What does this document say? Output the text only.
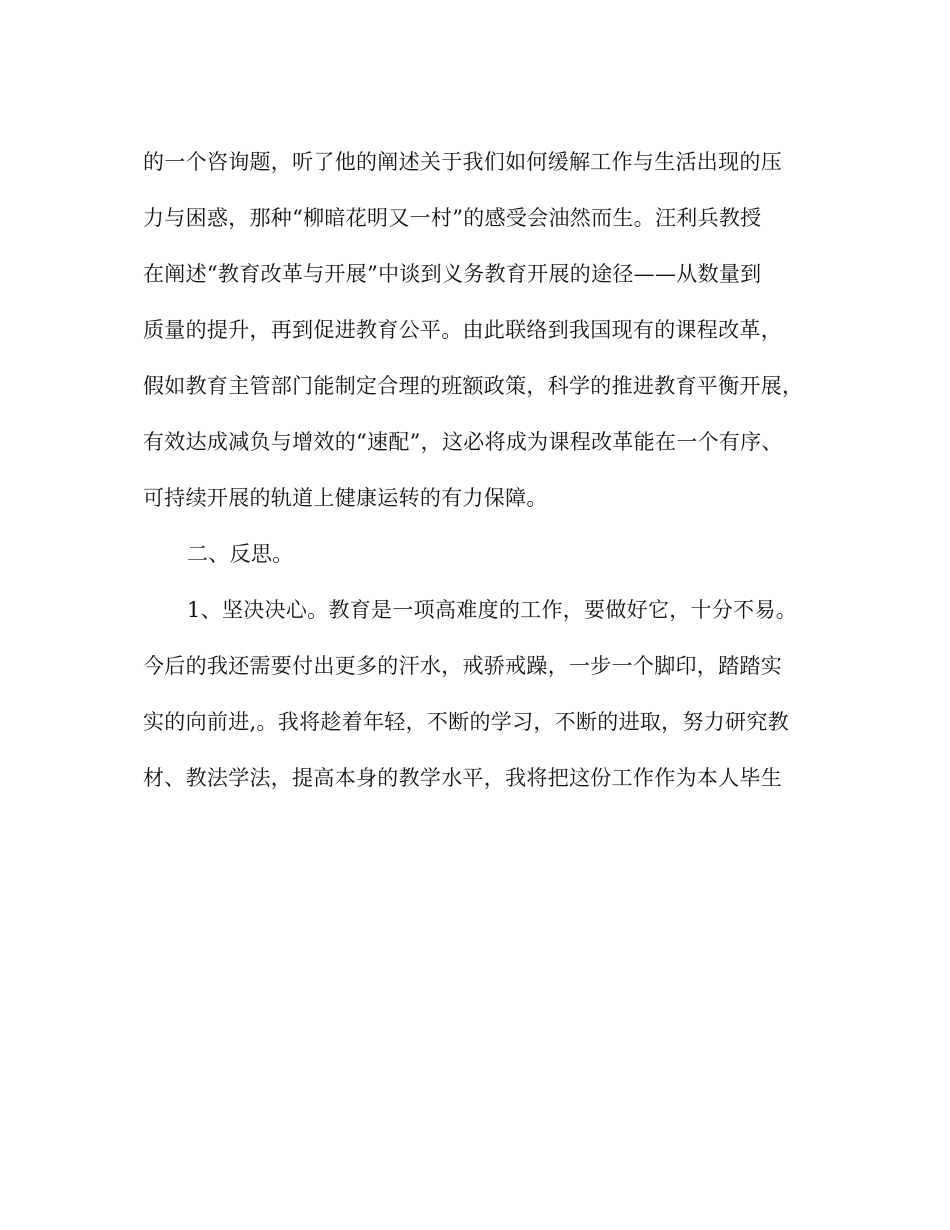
的一个咨询题，听了他的阐述关于我们如何缓解工作与生活出现的压
力与困惑，那种“柳暗花明又一村”的感受会油然而生。汪利兵教授
在阐述“教育改革与开展”中谈到义务教育开展的途径——从数量到
质量的提升，再到促进教育公平。由此联络到我国现有的课程改革，
假如教育主管部门能制定合理的班额政策，科学的推进教育平衡开展，
有效达成减负与增效的“速配”，这必将成为课程改革能在一个有序、
可持续开展的轨道上健康运转的有力保障。
二、反思。
1、坚决决心。教育是一项高难度的工作，要做好它，十分不易。
今后的我还需要付出更多的汗水，戒骄戒躁，一步一个脚印，踏踏实
实的向前进,。我将趁着年轻，不断的学习，不断的进取，努力研究教
材、教法学法，提高本身的教学水平，我将把这份工作作为本人毕生
